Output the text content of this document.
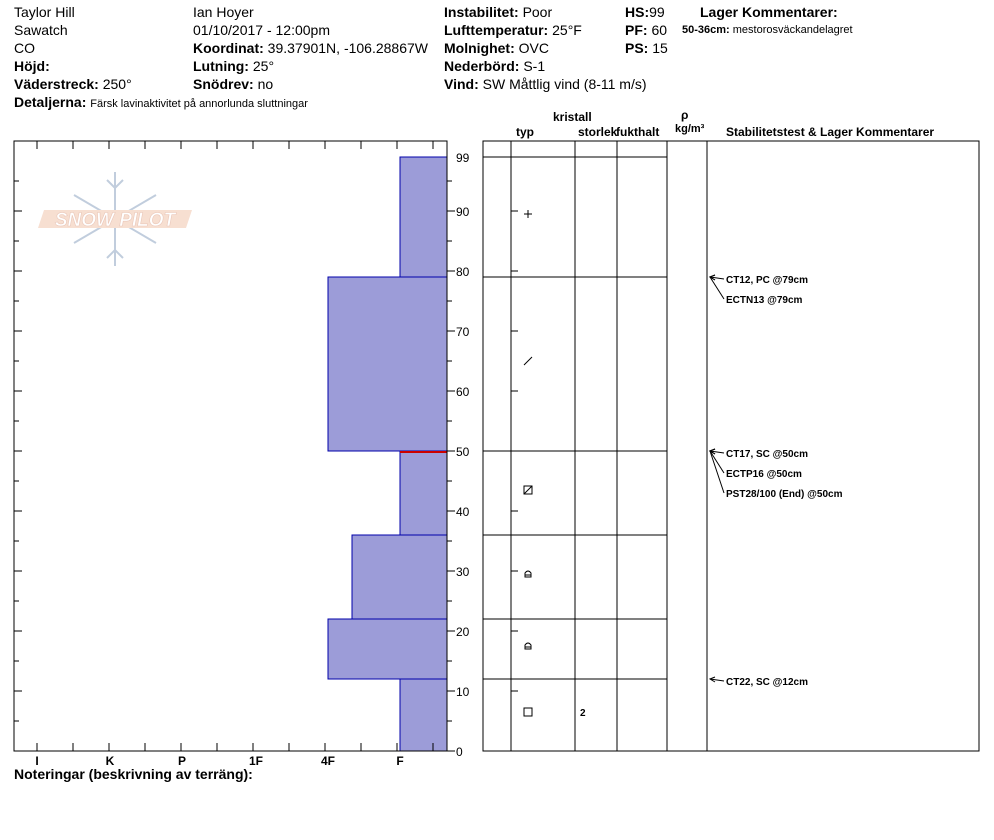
Taylor Hill
Sawatch
CO
Höjd:
Väderstreck: 250°
Detaljerna: Färsk lavinaktivitet på annorlunda sluttningar
Ian Hoyer
01/10/2017 - 12:00pm
Koordinat: 39.37901N, -106.28867W
Lutning: 25°
Snödrev: no
Instabilitet: Poor
Lufttemperatur: 25°F
Molnighet: OVC
Nederbörd: S-1
Vind: SW Måttlig vind (8-11 m/s)
HS:99
PF: 60
PS: 15
Lager Kommentarer:
50-36cm: mestorosväckandelagret
kristall
typ	storlek
fukthalt
ρ
kg/m³ Stabilitetstest & Lager Kommentarer
SNOW PILOT
0
10
20
30
40
50
60
70
80
90
99
I	K	P	1F	4F	F
2
CT12, PC @79cm
ECTN13 @79cm
CT17, SC @50cm
ECTP16 @50cm
PST28/100 (End) @50cm
CT22, SC @12cm
Noteringar (beskrivning av terräng):
